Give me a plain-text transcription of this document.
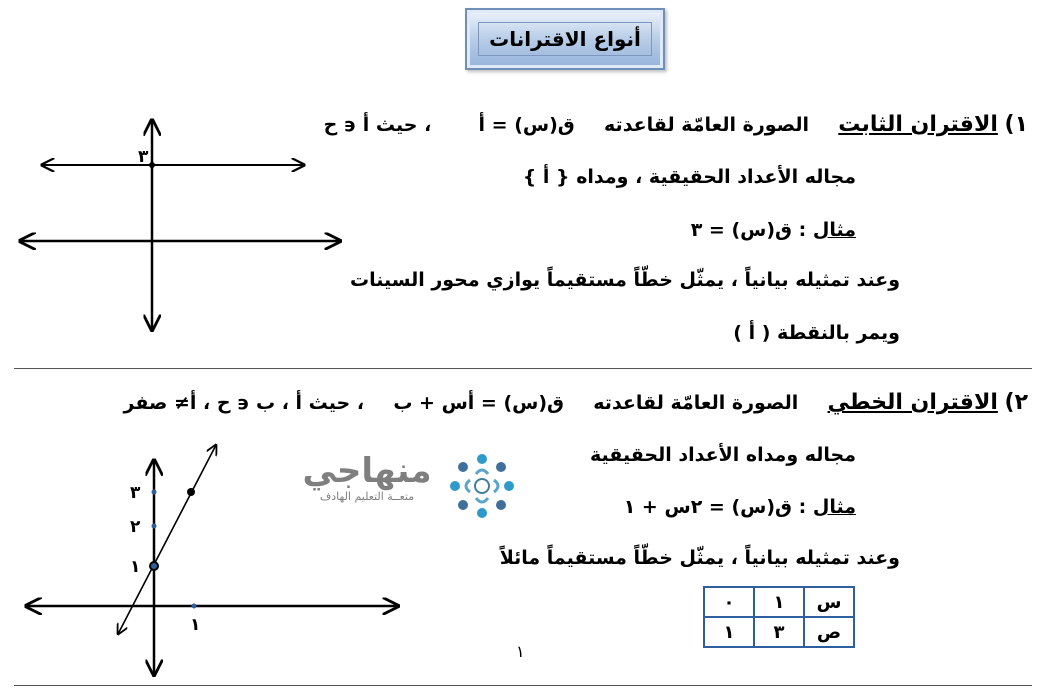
أنواع الاقترانات
١) الاقتران الثابت  الصورة العامّة لقاعدته  ق(س) = أ  ، حيث أ ϶ ح
مجاله الأعداد الحقيقية ، ومداه { أ }
مثال : ق(س) = ٣
وعند تمثيله بيانياً ، يمثّل خطّاً مستقيماً يوازي محور السينات
ويمر بالنقطة ( أ )
٢) الاقتران الخطي  الصورة العامّة لقاعدته  ق(س) = أس + ب  ، حيث أ ، ب ϶ ح ، أ≠ صفر
مجاله ومداه الأعداد الحقيقية
مثال : ق(س) = ٢س + ١
وعند تمثيله بيانياً ، يمثّل خطّاً مستقيماً مائلاً
س	١	٠
ص	٣	١
٣
٣
٢
١
١
منهاجي
متعــة التعليم الهادف
١
